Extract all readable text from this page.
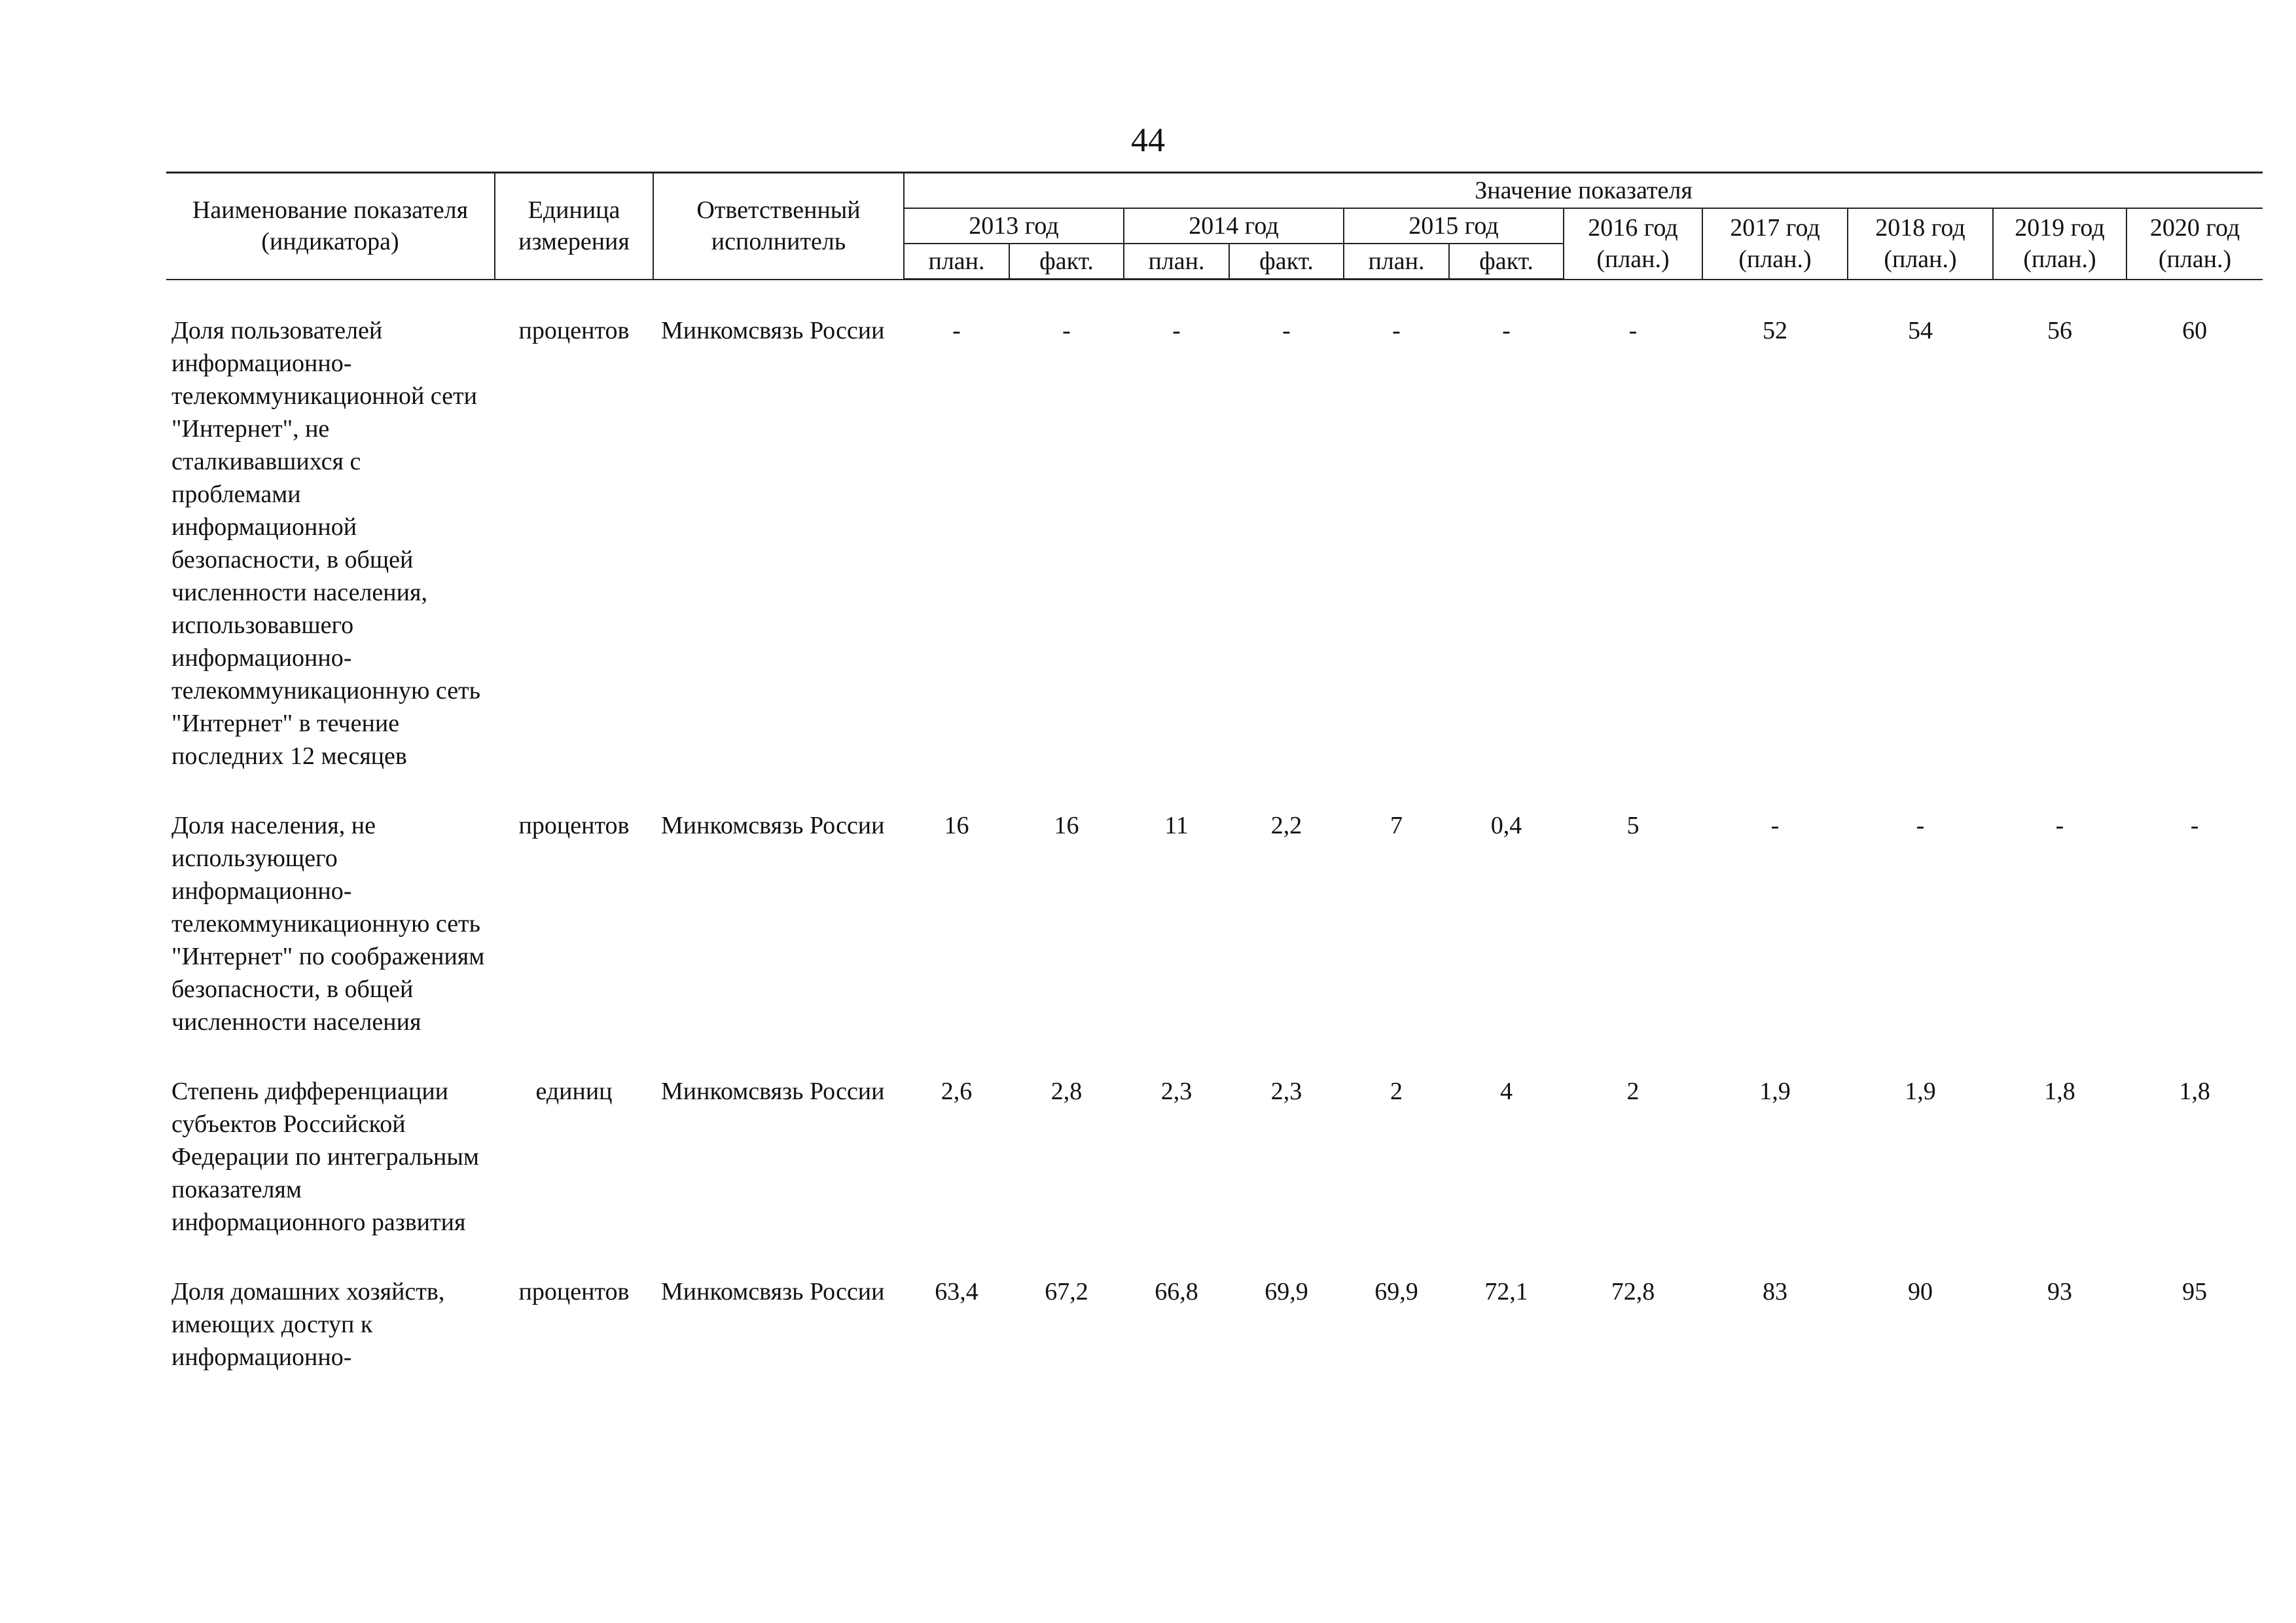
44
Наименование показателя (индикатора)	Единица измерения	Ответственный исполнитель	Значение показателя										
			2013 год		2014 год		2015 год		2016 год (план.)	2017 год (план.)	2018 год (план.)	2019 год (план.)	2020 год (план.)
			план.	факт.	план.	факт.	план.	факт.					

Доля пользователей информационно-телекоммуникационной сети "Интернет", не сталкивавшихся с проблемами информационной безопасности, в общей численности населения, использовавшего информационно-телекоммуникационную сеть "Интернет" в течение последних 12 месяцев	процентов	Минкомсвязь России	-	-	-	-	-	-	-	52	54	56	60

Доля населения, не использующего информационно-телекоммуникационную сеть "Интернет" по соображениям безопасности, в общей численности населения	процентов	Минкомсвязь России	16	16	11	2,2	7	0,4	5	-	-	-	-

Степень дифференциации субъектов Российской Федерации по интегральным показателям информационного развития	единиц	Минкомсвязь России	2,6	2,8	2,3	2,3	2	4	2	1,9	1,9	1,8	1,8

Доля домашних хозяйств, имеющих доступ к информационно-	процентов	Минкомсвязь России	63,4	67,2	66,8	69,9	69,9	72,1	72,8	83	90	93	95
